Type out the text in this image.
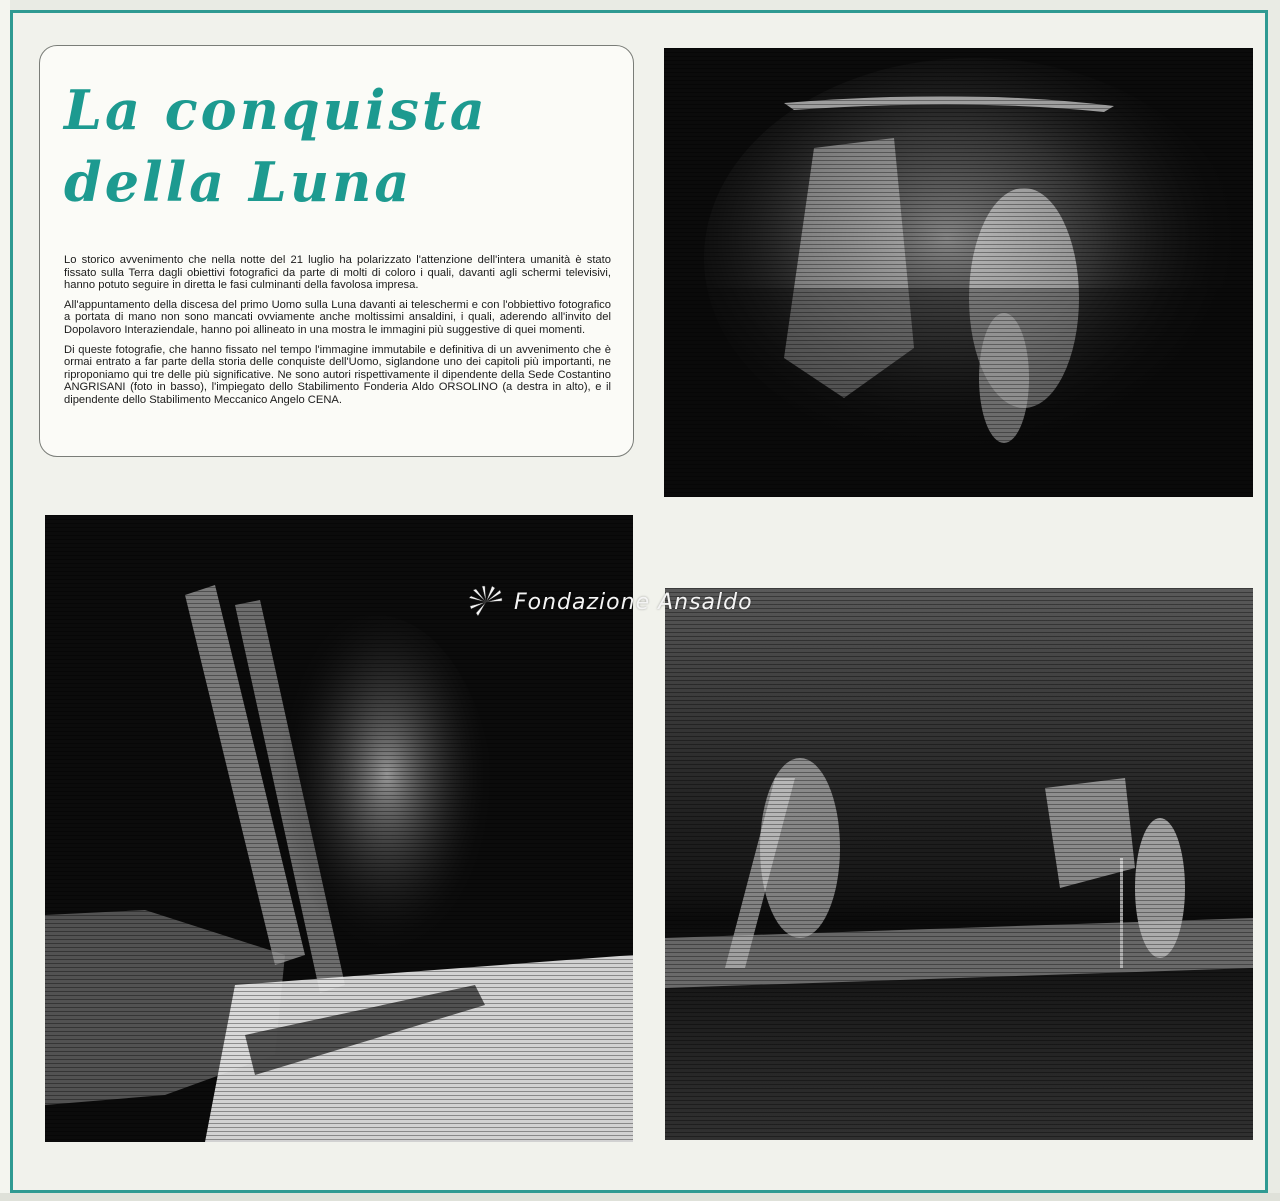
La conquista
della Luna

Lo storico avvenimento che nella notte del 21 luglio ha polarizzato l'attenzione dell'intera umanità è stato fissato sulla Terra dagli obiettivi fotografici da parte di molti di coloro i quali, davanti agli schermi televisivi, hanno potuto seguire in diretta le fasi culminanti della favolosa impresa.

All'appuntamento della discesa del primo Uomo sulla Luna davanti ai teleschermi e con l'obbiettivo fotografico a portata di mano non sono mancati ovviamente anche moltissimi ansaldini, i quali, aderendo all'invito del Dopolavoro Interaziendale, hanno poi allineato in una mostra le immagini più suggestive di quei momenti.

Di queste fotografie, che hanno fissato nel tempo l'immagine immutabile e definitiva di un avvenimento che è ormai entrato a far parte della storia delle conquiste dell'Uomo, siglandone uno dei capitoli più importanti, ne riproponiamo qui tre delle più significative. Ne sono autori rispettivamente il dipendente della Sede Costantino ANGRISANI (foto in basso), l'impiegato dello Stabilimento Fonderia Aldo ORSOLINO (a destra in alto), e il dipendente dello Stabilimento Meccanico Angelo CENA.

Fondazione Ansaldo
